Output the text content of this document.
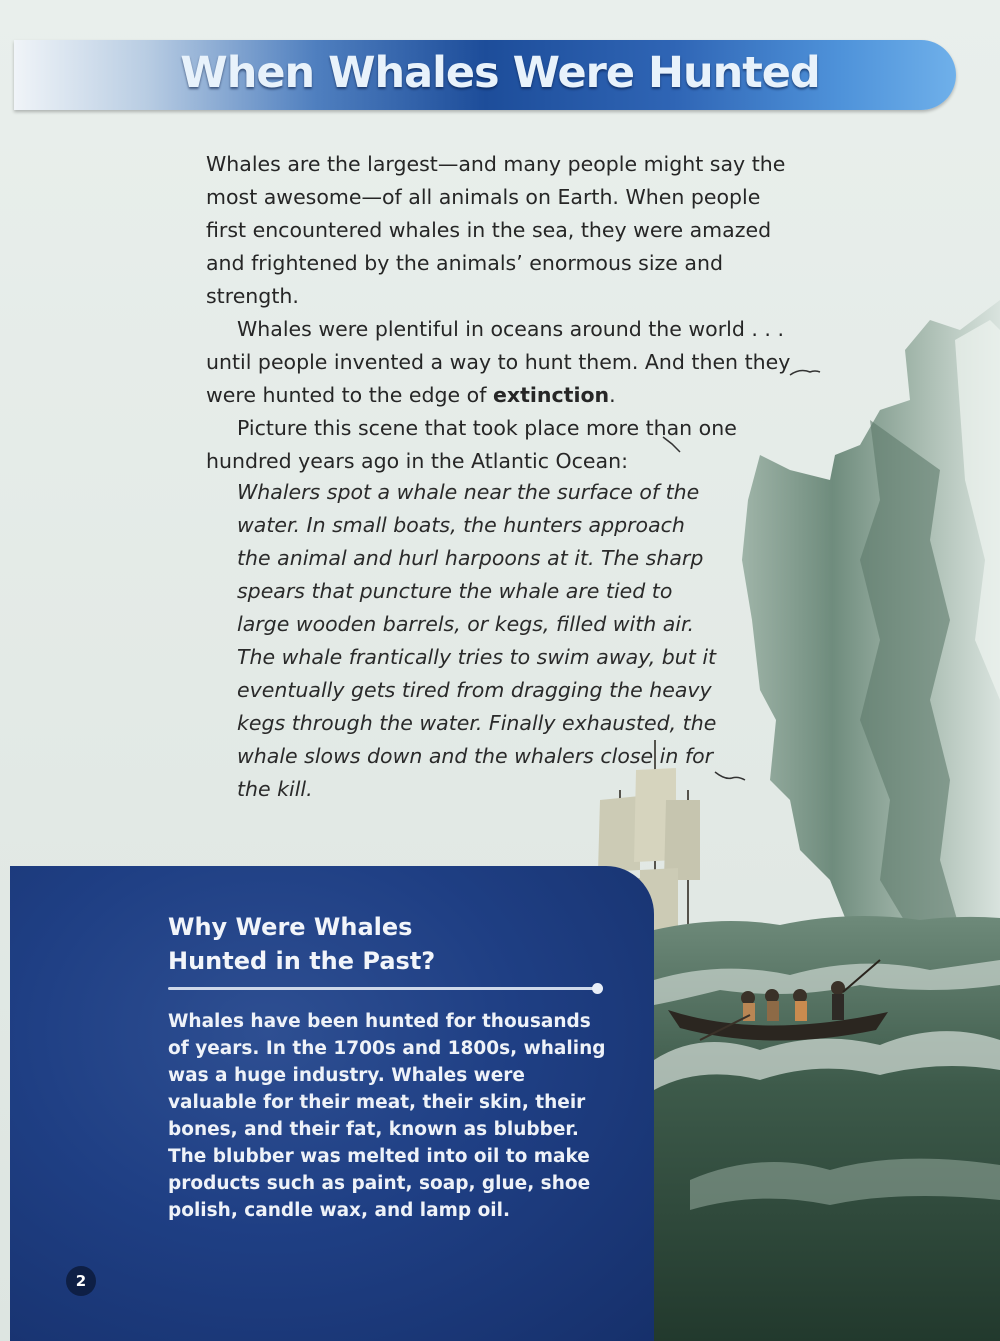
When Whales Were Hunted

Whales are the largest—and many people might say the most awesome—of all animals on Earth. When people first encountered whales in the sea, they were amazed and frightened by the animals’ enormous size and strength.

Whales were plentiful in oceans around the world . . . until people invented a way to hunt them. And then they were hunted to the edge of extinction.

Picture this scene that took place more than one hundred years ago in the Atlantic Ocean:

Whalers spot a whale near the surface of the water. In small boats, the hunters approach the animal and hurl harpoons at it. The sharp spears that puncture the whale are tied to large wooden barrels, or kegs, filled with air. The whale frantically tries to swim away, but it eventually gets tired from dragging the heavy kegs through the water. Finally exhausted, the whale slows down and the whalers close in for the kill.

Why Were Whales
Hunted in the Past?

Whales have been hunted for thousands of years. In the 1700s and 1800s, whaling was a huge industry. Whales were valuable for their meat, their skin, their bones, and their fat, known as blubber. The blubber was melted into oil to make products such as paint, soap, glue, shoe polish, candle wax, and lamp oil.

2
